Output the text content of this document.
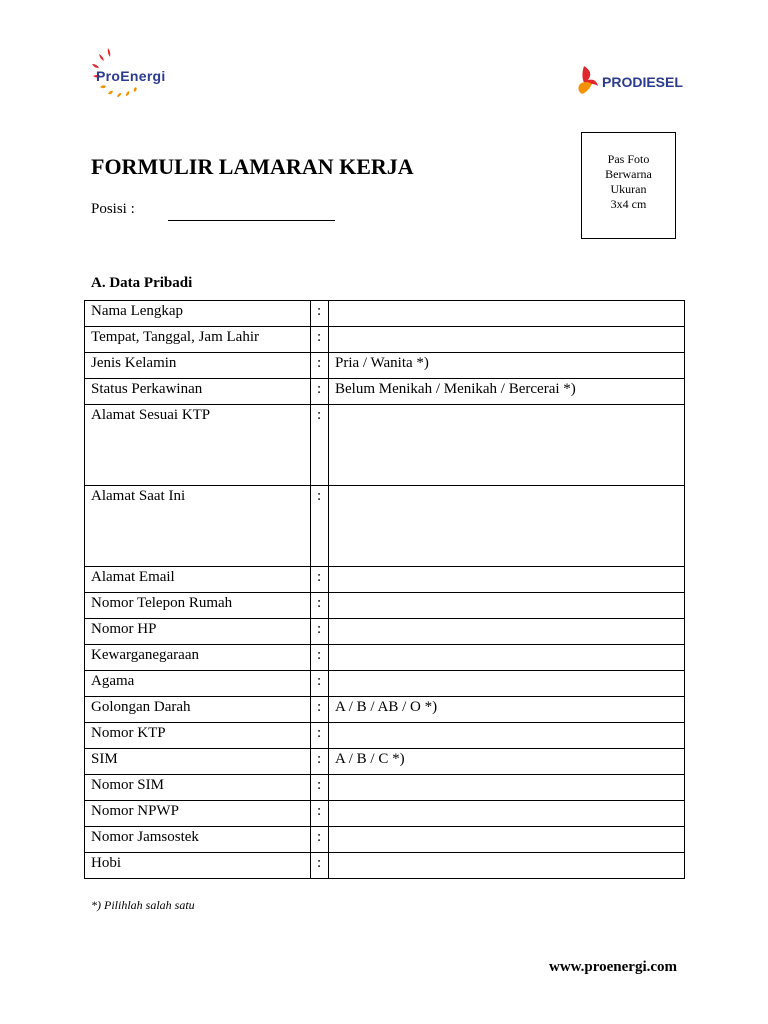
ProEnergi	PRODIESEL
FORMULIR LAMARAN KERJA
Posisi :
Pas Foto
Berwarna
Ukuran
3x4 cm
A. Data Pribadi
Nama Lengkap	:	
Tempat, Tanggal, Jam Lahir	:	
Jenis Kelamin	:	Pria / Wanita *)
Status Perkawinan	:	Belum Menikah / Menikah / Bercerai *)
Alamat Sesuai KTP	:	
Alamat Saat Ini	:	
Alamat Email	:	
Nomor Telepon Rumah	:	
Nomor HP	:	
Kewarganegaraan	:	
Agama	:	
Golongan Darah	:	A / B / AB / O *)
Nomor KTP	:	
SIM	:	A / B / C *)
Nomor SIM	:	
Nomor NPWP	:	
Nomor Jamsostek	:	
Hobi	:	
*) Pilihlah salah satu
www.proenergi.com
